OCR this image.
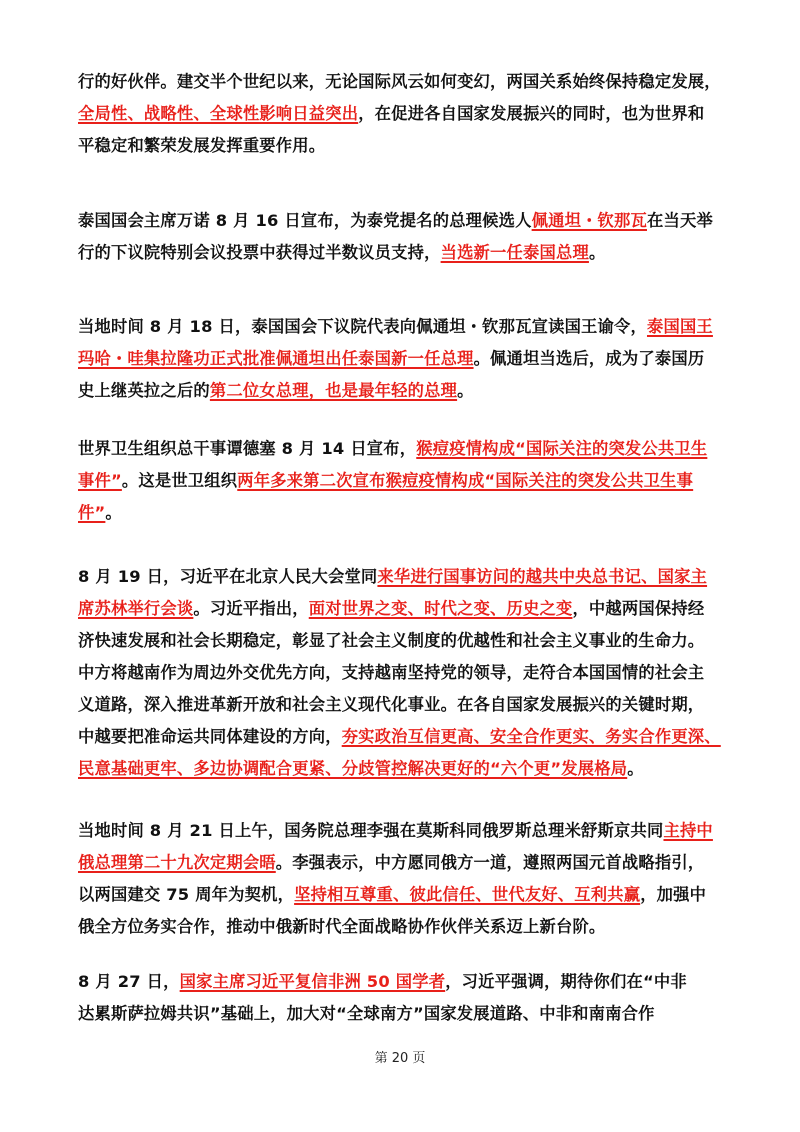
行的好伙伴。建交半个世纪以来，无论国际风云如何变幻，两国关系始终保持稳定发展，
全局性、战略性、全球性影响日益突出，在促进各自国家发展振兴的同时，也为世界和
平稳定和繁荣发展发挥重要作用。
泰国国会主席万诺 8 月 16 日宣布，为泰党提名的总理候选人佩通坦・钦那瓦在当天举
行的下议院特别会议投票中获得过半数议员支持，当选新一任泰国总理。
当地时间 8 月 18 日，泰国国会下议院代表向佩通坦・钦那瓦宣读国王谕令，泰国国王
玛哈・哇集拉隆功正式批准佩通坦出任泰国新一任总理。佩通坦当选后，成为了泰国历
史上继英拉之后的第二位女总理，也是最年轻的总理。
世界卫生组织总干事谭德塞 8 月 14 日宣布，猴痘疫情构成“国际关注的突发公共卫生
事件”。这是世卫组织两年多来第二次宣布猴痘疫情构成“国际关注的突发公共卫生事
件”。
8 月 19 日，习近平在北京人民大会堂同来华进行国事访问的越共中央总书记、国家主
席苏林举行会谈。习近平指出，面对世界之变、时代之变、历史之变，中越两国保持经
济快速发展和社会长期稳定，彰显了社会主义制度的优越性和社会主义事业的生命力。
中方将越南作为周边外交优先方向，支持越南坚持党的领导，走符合本国国情的社会主
义道路，深入推进革新开放和社会主义现代化事业。在各自国家发展振兴的关键时期，
中越要把准命运共同体建设的方向，夯实政治互信更高、安全合作更实、务实合作更深、
民意基础更牢、多边协调配合更紧、分歧管控解决更好的“六个更”发展格局。
当地时间 8 月 21 日上午，国务院总理李强在莫斯科同俄罗斯总理米舒斯京共同主持中
俄总理第二十九次定期会晤。李强表示，中方愿同俄方一道，遵照两国元首战略指引，
以两国建交 75 周年为契机，坚持相互尊重、彼此信任、世代友好、互利共赢，加强中
俄全方位务实合作，推动中俄新时代全面战略协作伙伴关系迈上新台阶。
8 月 27 日，国家主席习近平复信非洲 50 国学者，习近平强调，期待你们在“中非
达累斯萨拉姆共识”基础上，加大对“全球南方”国家发展道路、中非和南南合作
第 20 页
